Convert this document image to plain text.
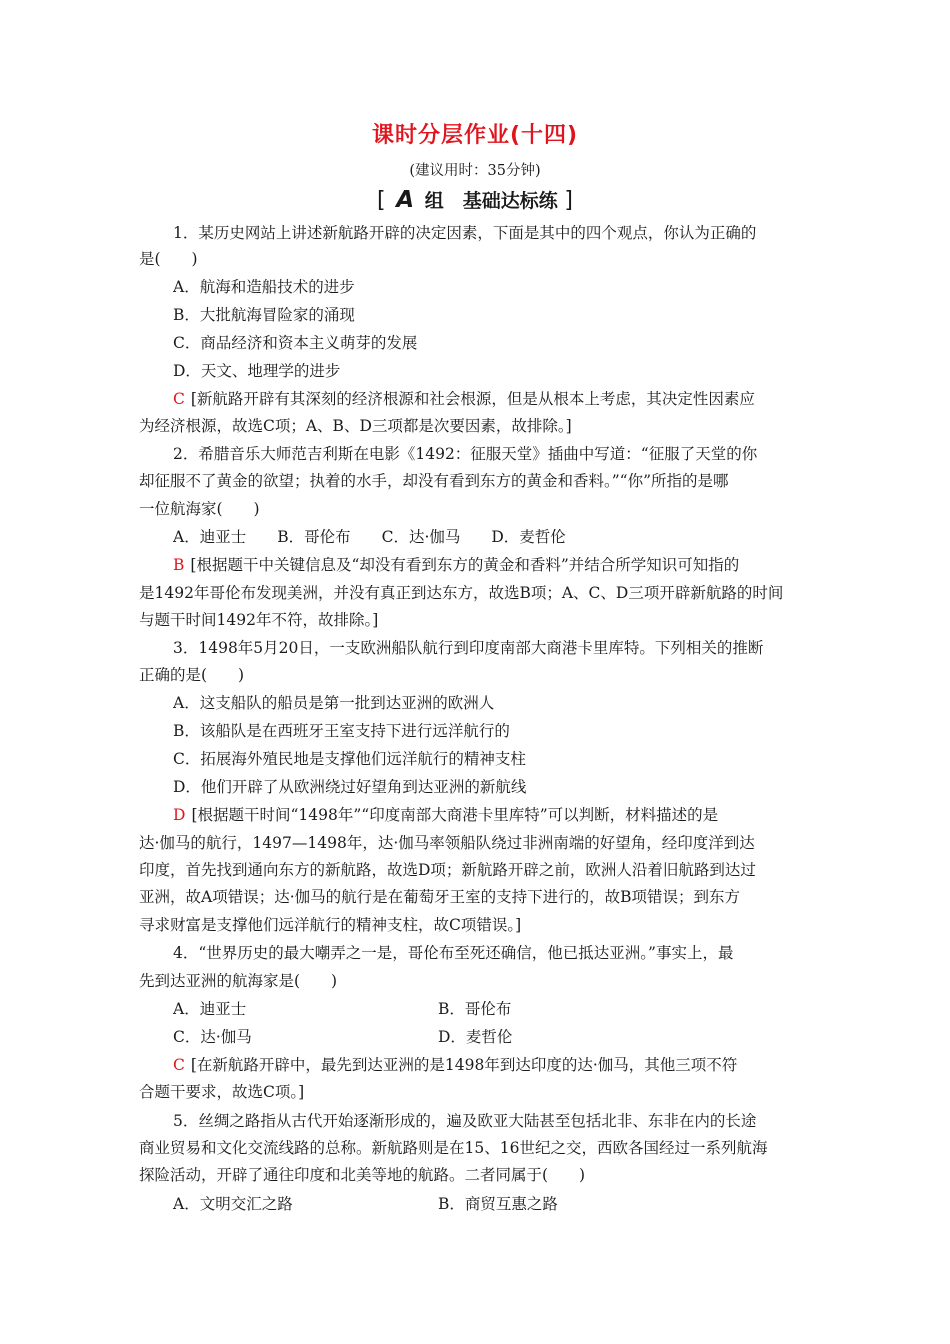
课时分层作业(十四)
(建议用时：35分钟)
[ A 组　基础达标练 ]
1．某历史网站上讲述新航路开辟的决定因素，下面是其中的四个观点，你认为正确的
是(　　)
A．航海和造船技术的进步
B．大批航海冒险家的涌现
C．商品经济和资本主义萌芽的发展
D．天文、地理学的进步
C [新航路开辟有其深刻的经济根源和社会根源，但是从根本上考虑，其决定性因素应
为经济根源，故选C项；A、B、D三项都是次要因素，故排除。]
2．希腊音乐大师范吉利斯在电影《1492：征服天堂》插曲中写道：“征服了天堂的你
却征服不了黄金的欲望；执着的水手，却没有看到东方的黄金和香料。”“你”所指的是哪
一位航海家(　　)
A．迪亚士　　B．哥伦布　　C．达·伽马　　D．麦哲伦
B [根据题干中关键信息及“却没有看到东方的黄金和香料”并结合所学知识可知指的
是1492年哥伦布发现美洲，并没有真正到达东方，故选B项；A、C、D三项开辟新航路的时间
与题干时间1492年不符，故排除。]
3．1498年5月20日，一支欧洲船队航行到印度南部大商港卡里库特。下列相关的推断
正确的是(　　)
A．这支船队的船员是第一批到达亚洲的欧洲人
B．该船队是在西班牙王室支持下进行远洋航行的
C．拓展海外殖民地是支撑他们远洋航行的精神支柱
D．他们开辟了从欧洲绕过好望角到达亚洲的新航线
D [根据题干时间“1498年”“印度南部大商港卡里库特”可以判断，材料描述的是
达·伽马的航行，1497—1498年，达·伽马率领船队绕过非洲南端的好望角，经印度洋到达
印度，首先找到通向东方的新航路，故选D项；新航路开辟之前，欧洲人沿着旧航路到达过
亚洲，故A项错误；达·伽马的航行是在葡萄牙王室的支持下进行的，故B项错误；到东方
寻求财富是支撑他们远洋航行的精神支柱，故C项错误。]
4．“世界历史的最大嘲弄之一是，哥伦布至死还确信，他已抵达亚洲。”事实上，最
先到达亚洲的航海家是(　　)
A．迪亚士	B．哥伦布
C．达·伽马	D．麦哲伦
C [在新航路开辟中，最先到达亚洲的是1498年到达印度的达·伽马，其他三项不符
合题干要求，故选C项。]
5．丝绸之路指从古代开始逐渐形成的，遍及欧亚大陆甚至包括北非、东非在内的长途
商业贸易和文化交流线路的总称。新航路则是在15、16世纪之交，西欧各国经过一系列航海
探险活动，开辟了通往印度和北美等地的航路。二者同属于(　　)
A．文明交汇之路	B．商贸互惠之路
